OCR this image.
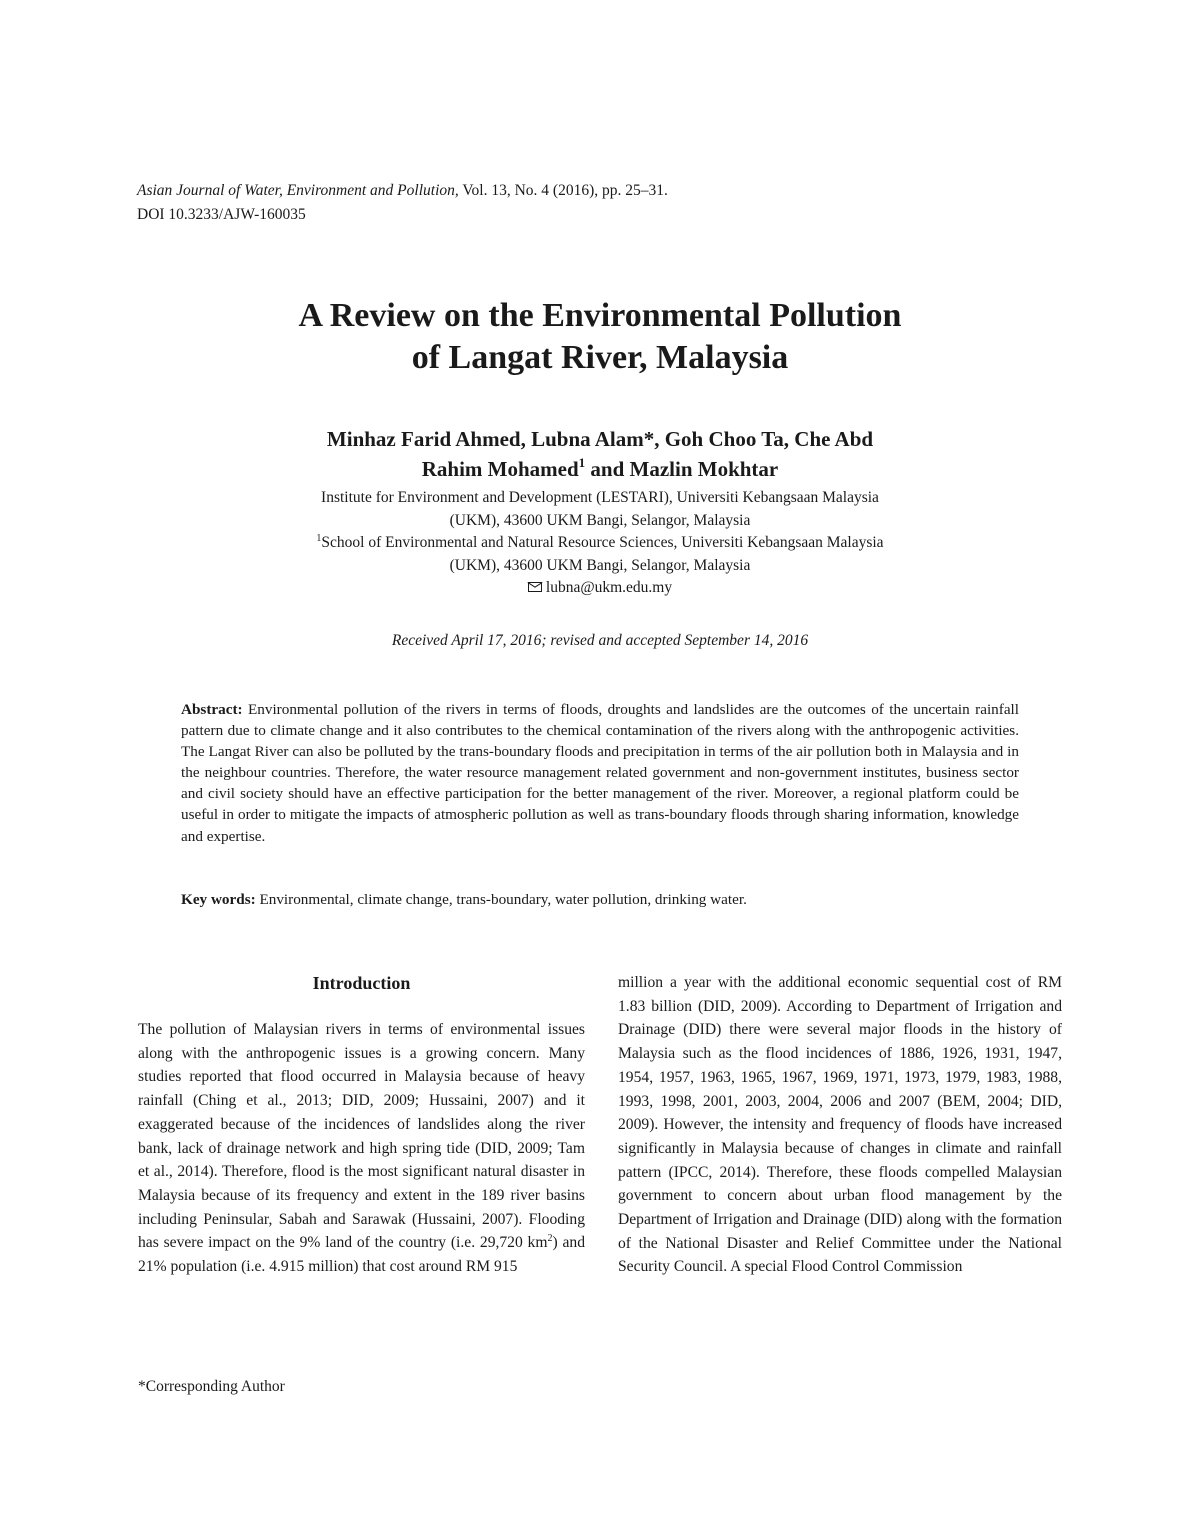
Asian Journal of Water, Environment and Pollution, Vol. 13, No. 4 (2016), pp. 25–31.
DOI 10.3233/AJW-160035
A Review on the Environmental Pollution
of Langat River, Malaysia
Minhaz Farid Ahmed, Lubna Alam*, Goh Choo Ta, Che Abd
Rahim Mohamed$^1$ and Mazlin Mokhtar
Institute for Environment and Development (LESTARI), Universiti Kebangsaan Malaysia
(UKM), 43600 UKM Bangi, Selangor, Malaysia
$^1$School of Environmental and Natural Resource Sciences, Universiti Kebangsaan Malaysia
(UKM), 43600 UKM Bangi, Selangor, Malaysia
lubna@ukm.edu.my
Received April 17, 2016; revised and accepted September 14, 2016

Abstract: Environmental pollution of the rivers in terms of floods, droughts and landslides are the outcomes of the uncertain rainfall pattern due to climate change and it also contributes to the chemical contamination of the rivers along with the anthropogenic activities. The Langat River can also be polluted by the trans-boundary floods and precipitation in terms of the air pollution both in Malaysia and in the neighbour countries. Therefore, the water resource management related government and non-government institutes, business sector and civil society should have an effective participation for the better management of the river. Moreover, a regional platform could be useful in order to mitigate the impacts of atmospheric pollution as well as trans-boundary floods through sharing information, knowledge and expertise.

Key words: Environmental, climate change, trans-boundary, water pollution, drinking water.

Introduction

The pollution of Malaysian rivers in terms of environmental issues along with the anthropogenic issues is a growing concern. Many studies reported that flood occurred in Malaysia because of heavy rainfall (Ching et al., 2013; DID, 2009; Hussaini, 2007) and it exaggerated because of the incidences of landslides along the river bank, lack of drainage network and high spring tide (DID, 2009; Tam et al., 2014). Therefore, flood is the most significant natural disaster in Malaysia because of its frequency and extent in the 189 river basins including Peninsular, Sabah and Sarawak (Hussaini, 2007). Flooding has severe impact on the 9% land of the country (i.e. 29,720 $km^2$) and 21% population (i.e. 4.915 million) that cost around RM 915

million a year with the additional economic sequential cost of RM 1.83 billion (DID, 2009). According to Department of Irrigation and Drainage (DID) there were several major floods in the history of Malaysia such as the flood incidences of 1886, 1926, 1931, 1947, 1954, 1957, 1963, 1965, 1967, 1969, 1971, 1973, 1979, 1983, 1988, 1993, 1998, 2001, 2003, 2004, 2006 and 2007 (BEM, 2004; DID, 2009). However, the intensity and frequency of floods have increased significantly in Malaysia because of changes in climate and rainfall pattern (IPCC, 2014). Therefore, these floods compelled Malaysian government to concern about urban flood management by the Department of Irrigation and Drainage (DID) along with the formation of the National Disaster and Relief Committee under the National Security Council. A special Flood Control Commission

*Corresponding Author
